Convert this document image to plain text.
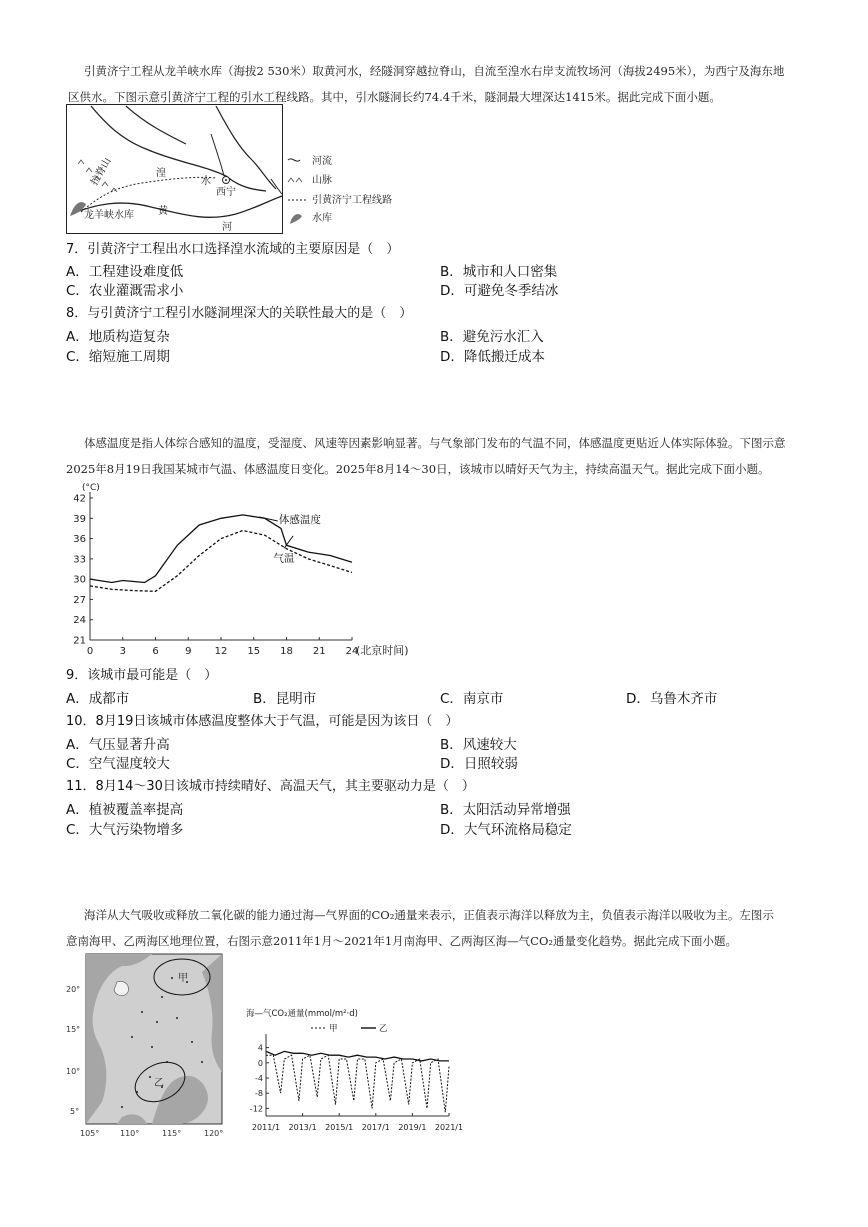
引黄济宁工程从龙羊峡水库（海拔2 530米）取黄河水，经隧洞穿越拉脊山，自流至湟水右岸支流牧场河（海拔2495米），为西宁及海东地
区供水。下图示意引黄济宁工程的引水工程线路。其中，引水隧洞长约74.4千米，隧洞最大埋深达1415米。据此完成下面小题。
湟
水
西宁
拉脊山
龙羊峡水库 黄
河
河流
山脉
引黄济宁工程线路
水库
7．引黄济宁工程出水口选择湟水流域的主要原因是（　）
A．工程建设难度低	B．城市和人口密集
C．农业灌溉需求小	D．可避免冬季结冰
8．与引黄济宁工程引水隧洞埋深大的关联性最大的是（　）
A．地质构造复杂	B．避免污水汇入
C．缩短施工周期	D．降低搬迁成本
体感温度是指人体综合感知的温度，受湿度、风速等因素影响显著。与气象部门发布的气温不同，体感温度更贴近人体实际体验。下图示意
2025年8月19日我国某城市气温、体感温度日变化。2025年8月14～30日，该城市以晴好天气为主，持续高温天气。据此完成下面小题。
(°C)
21
24
27
30
33
36
39
42
0	3	6	9 12 15 18 21 24
(北京时间)
体感温度
气温
9．该城市最可能是（　）
A．成都市	B．昆明市	C．南京市	D．乌鲁木齐市
10．8月19日该城市体感温度整体大于气温，可能是因为该日（　）
A．气压显著升高	B．风速较大
C．空气湿度较大	D．日照较弱
11．8月14～30日该城市持续晴好、高温天气，其主要驱动力是（　）
A．植被覆盖率提高	B．太阳活动异常增强
C．大气污染物增多	D．大气环流格局稳定
海洋从大气吸收或释放二氧化碳的能力通过海—气界面的CO₂通量来表示，正值表示海洋以释放为主，负值表示海洋以吸收为主。左图示
意南海甲、乙两海区地理位置，右图示意2011年1月～2021年1月南海甲、乙两海区海—气CO₂通量变化趋势。据此完成下面小题。
甲
乙
20°
15°
10°
5°
105°	110°	115°	120°
海—气CO₂通量(mmol/m²·d)
4
0
-4
-8
-12
2011/1 2013/1 2015/1 2017/1 2019/1 2021/1
甲	乙
